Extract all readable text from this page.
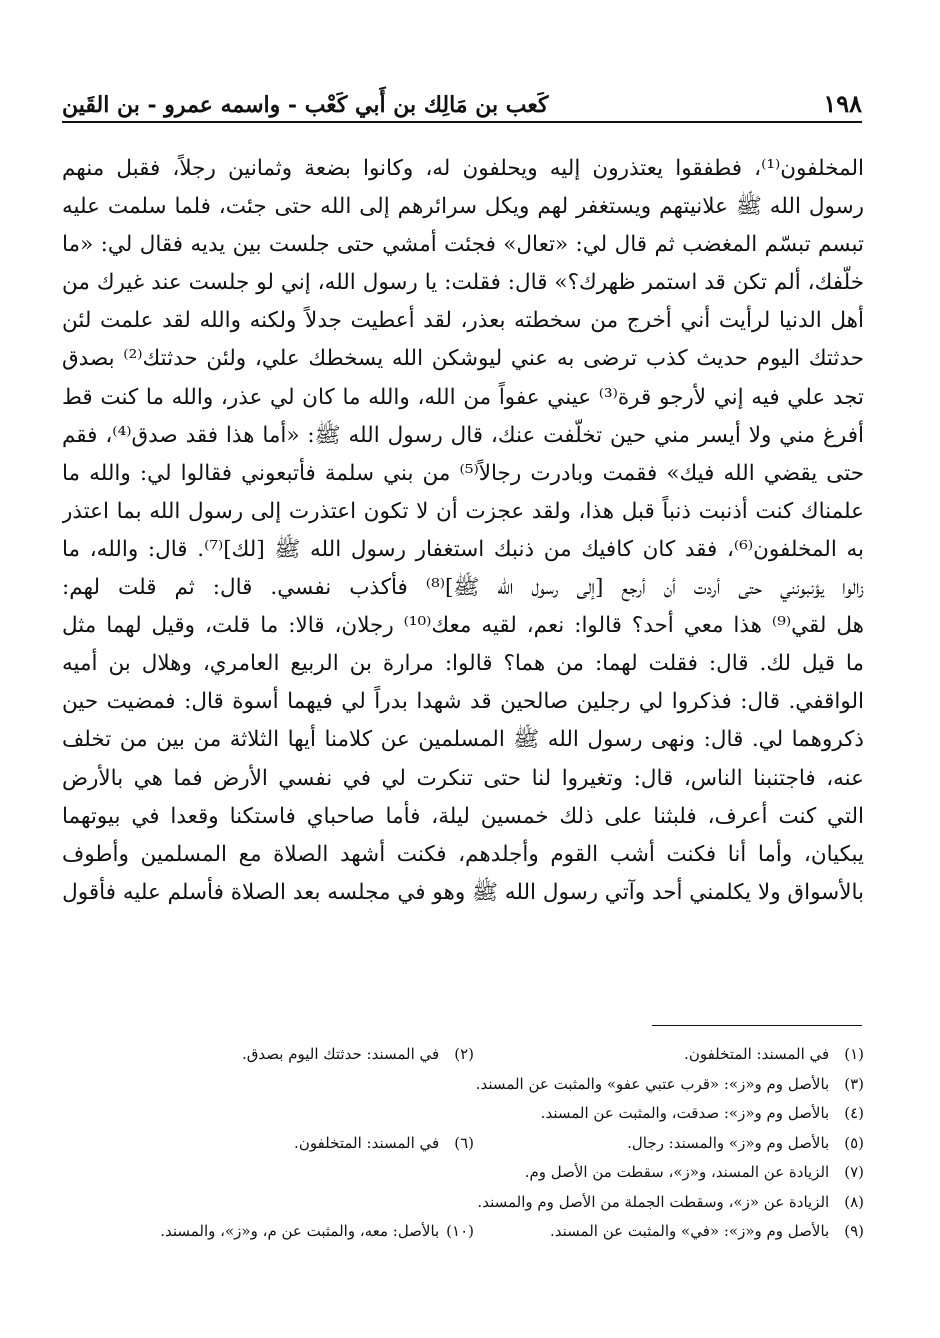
١٩٨
كَعب بن مَالِك بن أَبي كَعْب - واسمه عمرو - بن القَين
المخلفون⁽¹⁾، فطفقوا يعتذرون إليه ويحلفون له، وكانوا بضعة وثمانين رجلاً، فقبل منهم
رسول الله ﷺ علانيتهم ويستغفر لهم ويكل سرائرهم إلى الله حتى جئت، فلما سلمت عليه
تبسم تبسّم المغضب ثم قال لي: «تعال» فجئت أمشي حتى جلست بين يديه فقال لي: «ما
خلّفك، ألم تكن قد استمر ظهرك؟» قال: فقلت: يا رسول الله، إني لو جلست عند غيرك من
أهل الدنيا لرأيت أني أخرج من سخطته بعذر، لقد أعطيت جدلاً ولكنه والله لقد علمت لئن
حدثتك اليوم حديث كذب ترضى به عني ليوشكن الله يسخطك علي، ولئن حدثتك⁽²⁾ بصدق
تجد علي فيه إني لأرجو قرة⁽³⁾ عيني عفواً من الله، والله ما كان لي عذر، والله ما كنت قط
أفرغ مني ولا أيسر مني حين تخلّفت عنك، قال رسول الله ﷺ: «أما هذا فقد صدق⁽⁴⁾، فقم
حتى يقضي الله فيك» فقمت وبادرت رجالاً⁽⁵⁾ من بني سلمة فأتبعوني فقالوا لي: والله ما
علمناك كنت أذنبت ذنباً قبل هذا، ولقد عجزت أن لا تكون اعتذرت إلى رسول الله بما اعتذر
به المخلفون⁽⁶⁾، فقد كان كافيك من ذنبك استغفار رسول الله ﷺ [لك]⁽⁷⁾. قال: والله، ما
زالوا يؤنبونني حتى أردت أن أرجع [إلى رسول الله ﷺ]⁽⁸⁾ فأكذب نفسي. قال: ثم قلت لهم:
هل لقي⁽⁹⁾ هذا معي أحد؟ قالوا: نعم، لقيه معك⁽¹⁰⁾ رجلان، قالا: ما قلت، وقيل لهما مثل
ما قيل لك. قال: فقلت لهما: من هما؟ قالوا: مرارة بن الربيع العامري، وهلال بن أميه
الواقفي. قال: فذكروا لي رجلين صالحين قد شهدا بدراً لي فيهما أسوة قال: فمضيت حين
ذكروهما لي. قال: ونهى رسول الله ﷺ المسلمين عن كلامنا أيها الثلاثة من بين من تخلف
عنه، فاجتنبنا الناس، قال: وتغيروا لنا حتى تنكرت لي في نفسي الأرض فما هي بالأرض
التي كنت أعرف، فلبثنا على ذلك خمسين ليلة، فأما صاحباي فاستكنا وقعدا في بيوتهما
يبكيان، وأما أنا فكنت أشب القوم وأجلدهم، فكنت أشهد الصلاة مع المسلمين وأطوف
بالأسواق ولا يكلمني أحد وآتي رسول الله ﷺ وهو في مجلسه بعد الصلاة فأسلم عليه فأقول
(١) في المسند: المتخلفون.
(٢) في المسند: حدثتك اليوم بصدق.
(٣) بالأصل وم و«ز»: «قرب عتبي عفو» والمثبت عن المسند.
(٤) بالأصل وم و«ز»: صدقت، والمثبت عن المسند.
(٥) بالأصل وم و«ز» والمسند: رجال.
(٦) في المسند: المتخلفون.
(٧) الزيادة عن المسند، و«ز»، سقطت من الأصل وم.
(٨) الزيادة عن «ز»، وسقطت الجملة من الأصل وم والمسند.
(٩) بالأصل وم و«ز»: «في» والمثبت عن المسند.
(١٠) بالأصل: معه، والمثبت عن م، و«ز»، والمسند.
